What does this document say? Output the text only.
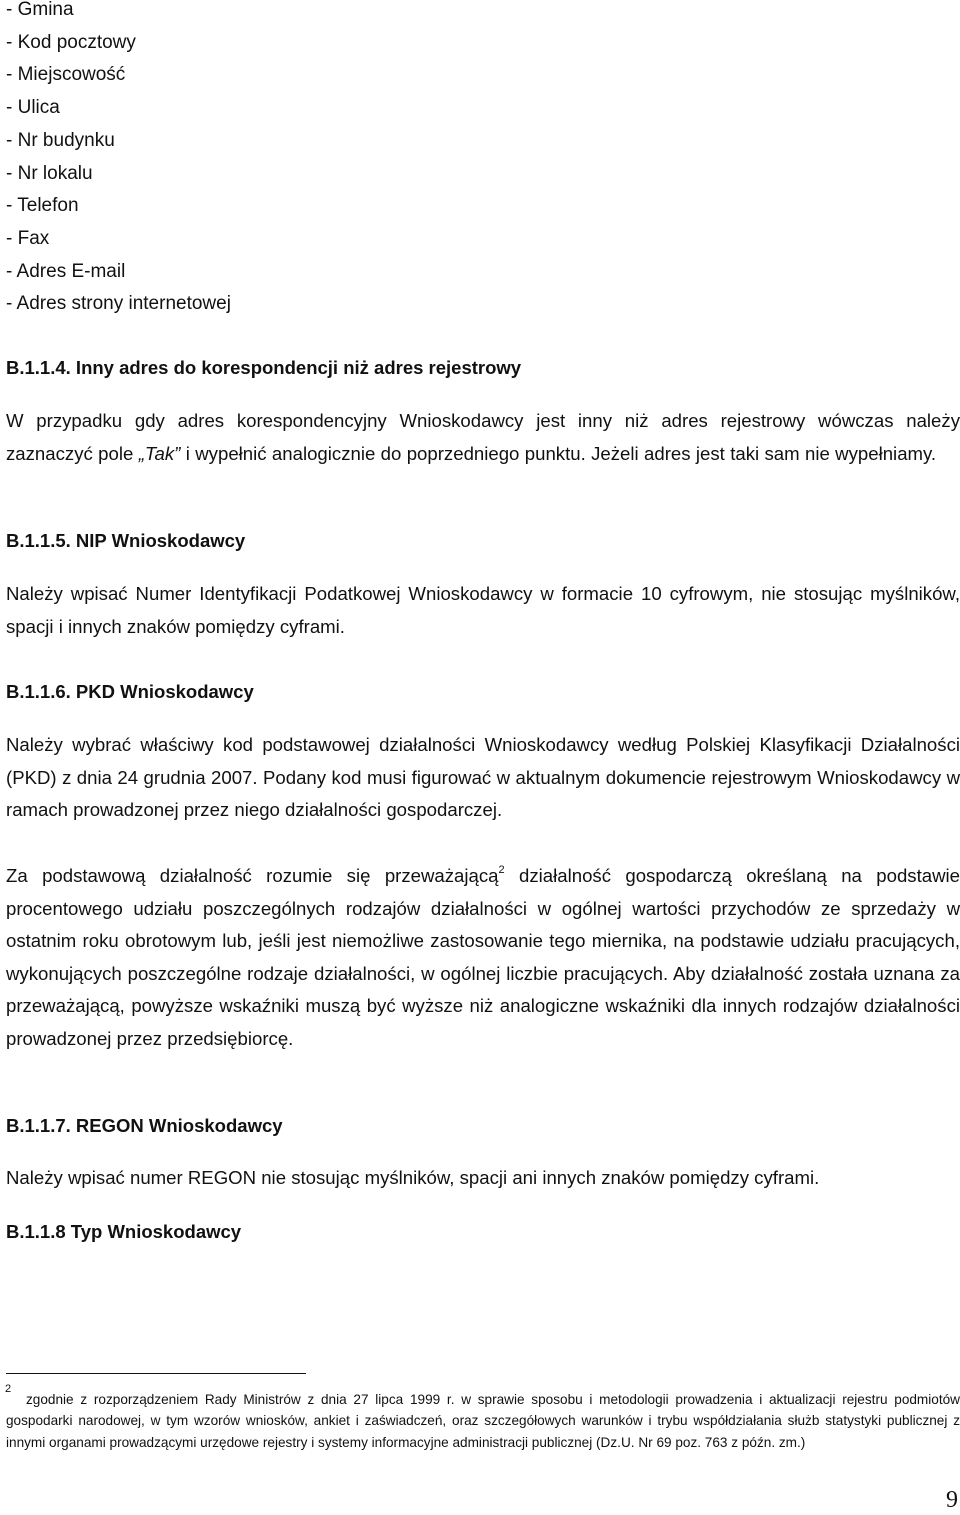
- Gmina
- Kod pocztowy
- Miejscowość
- Ulica
- Nr budynku
- Nr lokalu
- Telefon
- Fax
- Adres E-mail
- Adres strony internetowej
B.1.1.4. Inny adres do korespondencji niż adres rejestrowy

W przypadku gdy adres korespondencyjny Wnioskodawcy jest inny niż adres rejestrowy wówczas należy zaznaczyć pole „Tak” i wypełnić analogicznie do poprzedniego punktu. Jeżeli adres jest taki sam nie wypełniamy.

B.1.1.5. NIP Wnioskodawcy

Należy wpisać Numer Identyfikacji Podatkowej Wnioskodawcy w formacie 10 cyfrowym, nie stosując myślników, spacji i innych znaków pomiędzy cyframi.

B.1.1.6. PKD Wnioskodawcy

Należy wybrać właściwy kod podstawowej działalności Wnioskodawcy według Polskiej Klasyfikacji Działalności (PKD) z dnia 24 grudnia 2007. Podany kod musi figurować w aktualnym dokumencie rejestrowym Wnioskodawcy w ramach prowadzonej przez niego działalności gospodarczej.

Za podstawową działalność rozumie się przeważającą$^2$ działalność gospodarczą określaną na podstawie procentowego udziału poszczególnych rodzajów działalności w ogólnej wartości przychodów ze sprzedaży w ostatnim roku obrotowym lub, jeśli jest niemożliwe zastosowanie tego miernika, na podstawie udziału pracujących, wykonujących poszczególne rodzaje działalności, w ogólnej liczbie pracujących. Aby działalność została uznana za przeważającą, powyższe wskaźniki muszą być wyższe niż analogiczne wskaźniki dla innych rodzajów działalności prowadzonej przez przedsiębiorcę.

B.1.1.7. REGON Wnioskodawcy

Należy wpisać numer REGON nie stosując myślników, spacji ani innych znaków pomiędzy cyframi.

B.1.1.8 Typ Wnioskodawcy
2

zgodnie z rozporządzeniem Rady Ministrów z dnia 27 lipca 1999 r. w sprawie sposobu i metodologii prowadzenia i aktualizacji rejestru podmiotów gospodarki narodowej, w tym wzorów wniosków, ankiet i zaświadczeń, oraz szczegółowych warunków i trybu współdziałania służb statystyki publicznej z innymi organami prowadzącymi urzędowe rejestry i systemy informacyjne administracji publicznej (Dz.U. Nr 69 poz. 763 z późn. zm.)

9
